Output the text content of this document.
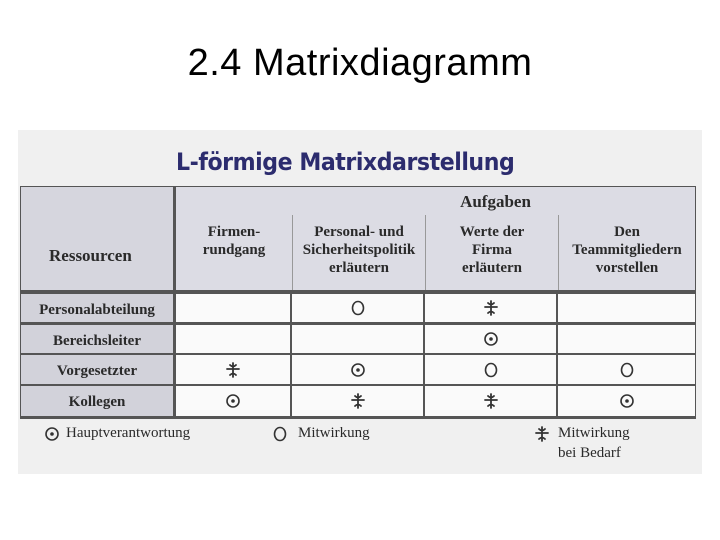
2.4 Matrixdiagramm
L-förmige Matrixdarstellung
Ressourcen
Aufgaben
Firmen-
rundgang
Personal- und
Sicherheitspolitik
erläutern
Werte der
Firma
erläutern
Den
Teammitgliedern
vorstellen
Personalabteilung
Bereichsleiter
Vorgesetzter
Kollegen
Hauptverantwortung	Mitwirkung	Mitwirkung
bei Bedarf
